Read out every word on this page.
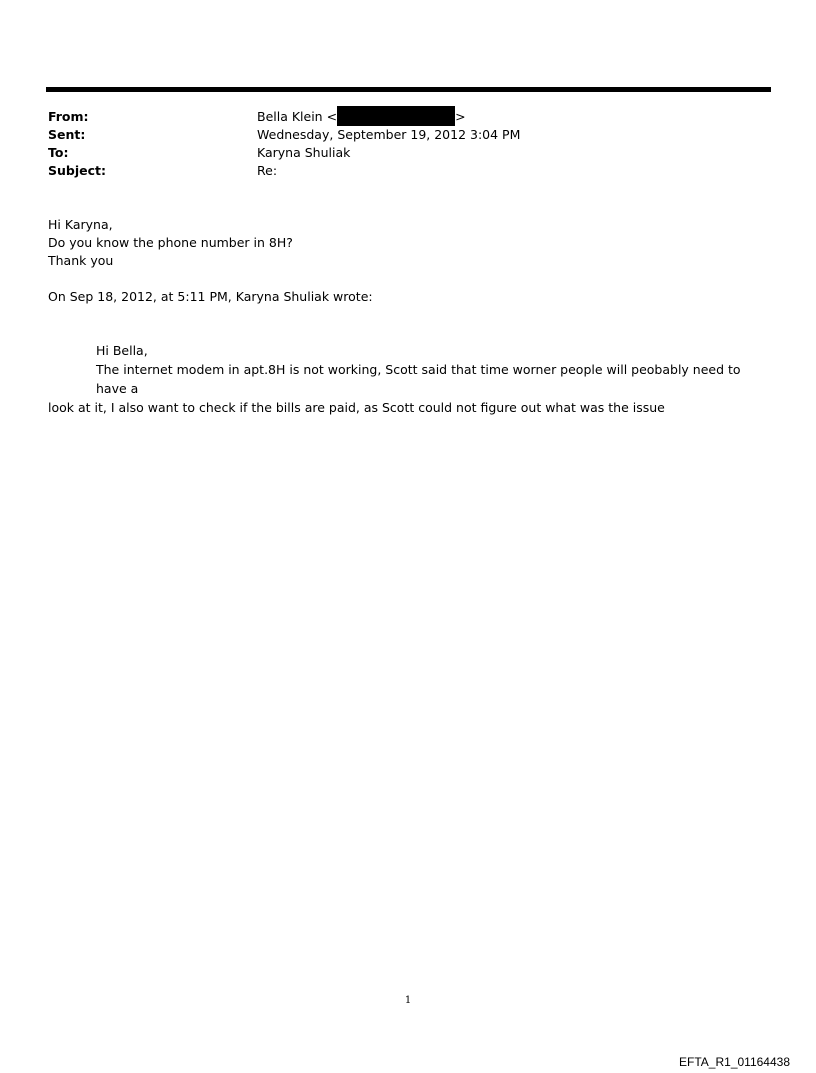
From:	Bella Klein <	>
Sent:	Wednesday, September 19, 2012 3:04 PM
To:	Karyna Shuliak
Subject:	Re:
Hi Karyna,
Do you know the phone number in 8H?
Thank you
On Sep 18, 2012, at 5:11 PM, Karyna Shuliak wrote:

Hi Bella,

The internet modem in apt.8H is not working, Scott said that time worner people will peobably need to have a

look at it, I also want to check if the bills are paid, as Scott could not figure out what was the issue

1
EFTA_R1_01164438
